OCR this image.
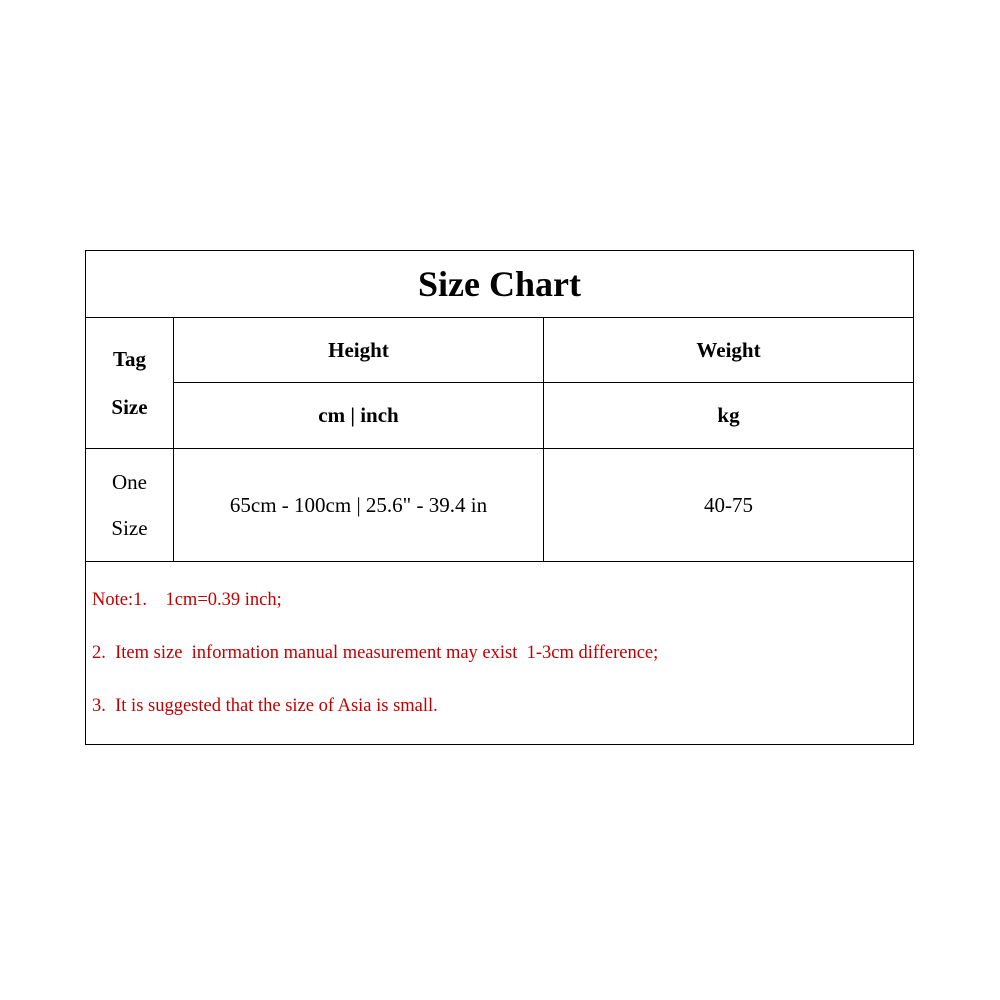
Size Chart		

Tag
Size	Height	Weight
	cm | inch	kg

One
Size	65cm - 100cm | 25.6" - 39.4 in	40-75

Note:1.    1cm=0.39 inch;
2.  Item size  information manual measurement may exist  1-3cm difference;
3.  It is suggested that the size of Asia is small.		
